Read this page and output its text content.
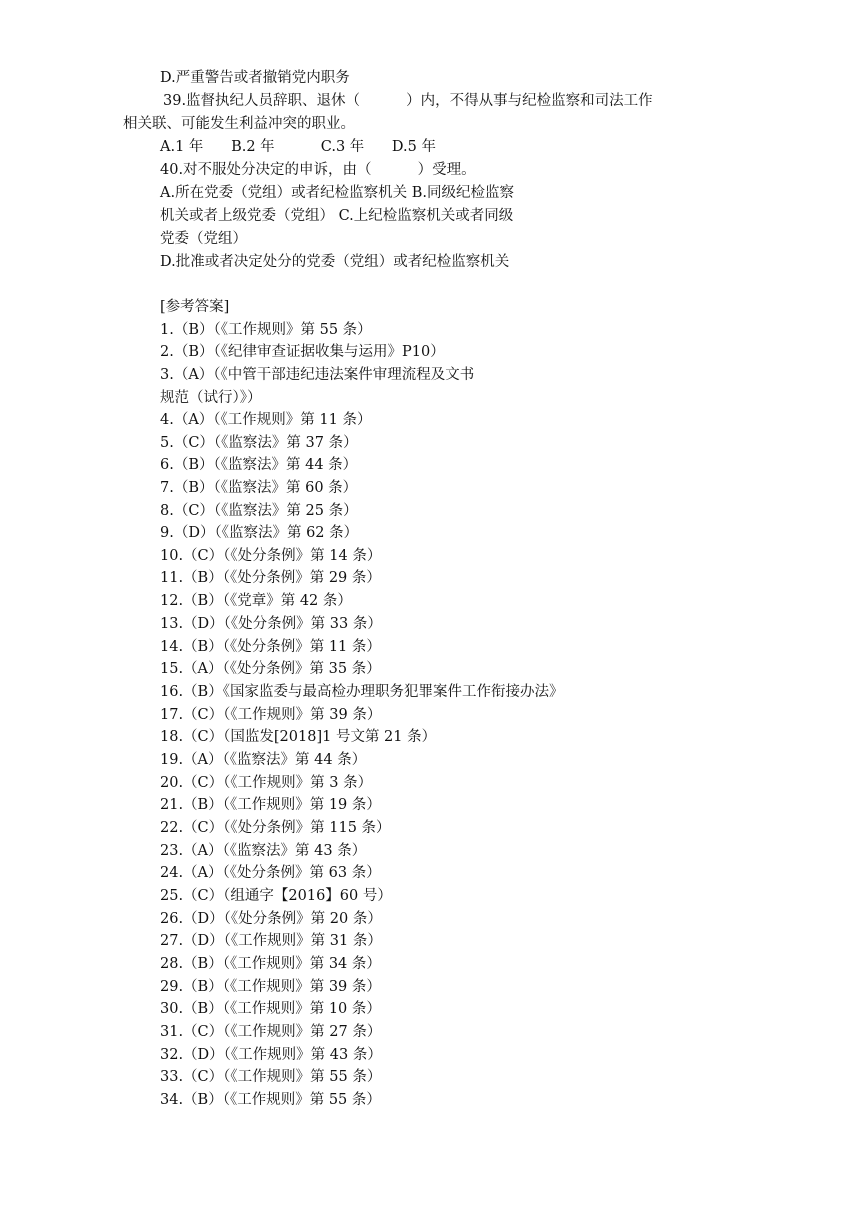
D.严重警告或者撤销党内职务
39.监督执纪人员辞职、退休（          ）内，不得从事与纪检监察和司法工作
相关联、可能发生利益冲突的职业。
A.1 年      B.2 年          C.3 年      D.5 年
40.对不服处分决定的申诉，由（          ）受理。
A.所在党委（党组）或者纪检监察机关 B.同级纪检监察
机关或者上级党委（党组） C.上纪检监察机关或者同级
党委（党组）
D.批准或者决定处分的党委（党组）或者纪检监察机关
[参考答案]
1.（B）（《工作规则》第 55 条）
2.（B）（《纪律审查证据收集与运用》P10）
3.（A）（《中管干部违纪违法案件审理流程及文书
规范（试行）》）
4.（A）（《工作规则》第 11 条）
5.（C）（《监察法》第 37 条）
6.（B）（《监察法》第 44 条）
7.（B）（《监察法》第 60 条）
8.（C）（《监察法》第 25 条）
9.（D）（《监察法》第 62 条）
10.（C）（《处分条例》第 14 条）
11.（B）（《处分条例》第 29 条）
12.（B）（《党章》第 42 条）
13.（D）（《处分条例》第 33 条）
14.（B）（《处分条例》第 11 条）
15.（A）（《处分条例》第 35 条）
16.（B）《国家监委与最高检办理职务犯罪案件工作衔接办法》
17.（C）（《工作规则》第 39 条）
18.（C）（国监发[2018]1 号文第 21 条）
19.（A）（《监察法》第 44 条）
20.（C）（《工作规则》第 3 条）
21.（B）（《工作规则》第 19 条）
22.（C）（《处分条例》第 115 条）
23.（A）（《监察法》第 43 条）
24.（A）（《处分条例》第 63 条）
25.（C）（组通字【2016】60 号）
26.（D）（《处分条例》第 20 条）
27.（D）（《工作规则》第 31 条）
28.（B）（《工作规则》第 34 条）
29.（B）（《工作规则》第 39 条）
30.（B）（《工作规则》第 10 条）
31.（C）（《工作规则》第 27 条）
32.（D）（《工作规则》第 43 条）
33.（C）（《工作规则》第 55 条）
34.（B）（《工作规则》第 55 条）
